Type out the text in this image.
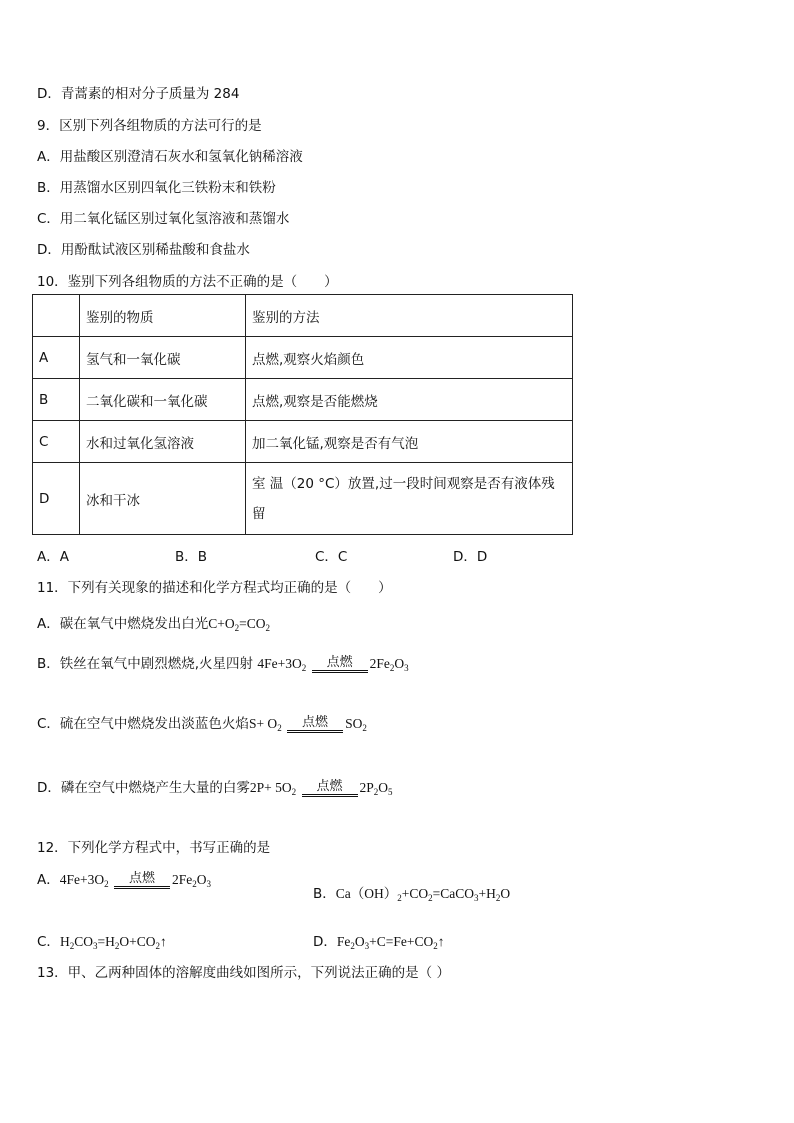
D．青蒿素的相对分子质量为 284
9．区别下列各组物质的方法可行的是
A．用盐酸区别澄清石灰水和氢氧化钠稀溶液
B．用蒸馏水区别四氧化三铁粉末和铁粉
C．用二氧化锰区别过氧化氢溶液和蒸馏水
D．用酚酞试液区别稀盐酸和食盐水
10．鉴别下列各组物质的方法不正确的是（　　）
	鉴别的物质	鉴别的方法
A	氢气和一氧化碳	点燃,观察火焰颜色
B	二氧化碳和一氧化碳	点燃,观察是否能燃烧
C	水和过氧化氢溶液	加二氧化锰,观察是否有气泡
D	冰和干冰	室 温（20 °C）放置,过一段时间观察是否有液体残留
A．A	B．B	C．C	D．D
11．下列有关现象的描述和化学方程式均正确的是（　　）
A．碳在氧气中燃烧发出白光$C+O_2=CO_2$
B．铁丝在氧气中剧烈燃烧,火星四射 $4Fe+3O_2$	点燃	$2Fe_2O_3$
C．硫在空气中燃烧发出淡蓝色火焰$S+ O_2$	点燃	$SO_2$
D．磷在空气中燃烧产生大量的白雾$2P+ 5O_2$	点燃	$2P_2O_5$
12．下列化学方程式中，书写正确的是
A．$4Fe+3O_2$	点燃	$2Fe_2O_3$
B．$Ca(OH)_2+CO_2=CaCO_3+H_2O$
C．$H_2CO_3=H_2O+CO_2↑$	D．$Fe_2O_3+C=Fe+CO_2↑$
13．甲、乙两种固体的溶解度曲线如图所示，下列说法正确的是（ ）
